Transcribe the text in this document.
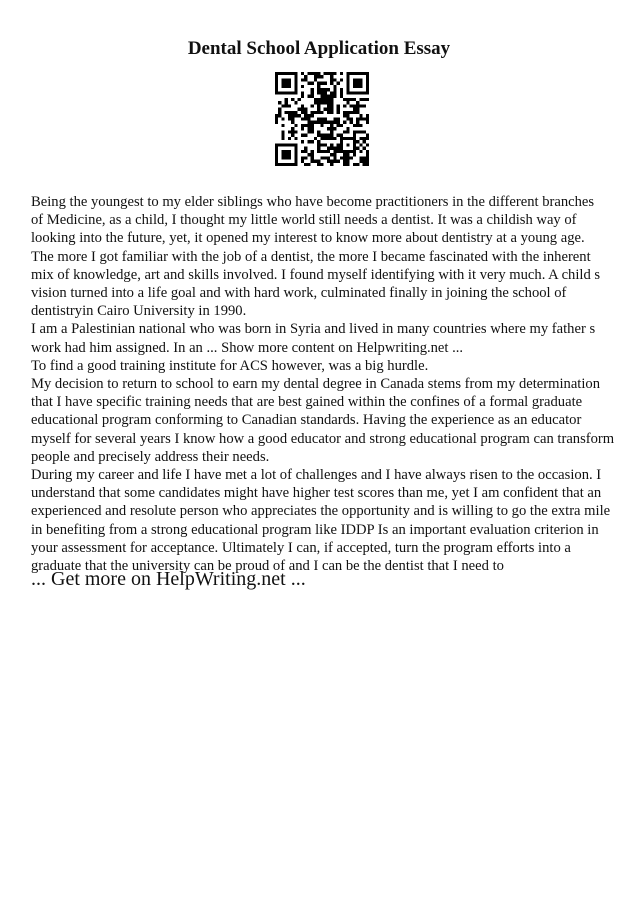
Dental School Application Essay
Being the youngest to my elder siblings who have become practitioners in the different branches
of Medicine, as a child, I thought my little world still needs a dentist. It was a childish way of
looking into the future, yet, it opened my interest to know more about dentistry at a young age.
The more I got familiar with the job of a dentist, the more I became fascinated with the inherent
mix of knowledge, art and skills involved. I found myself identifying with it very much. A child s
vision turned into a life goal and with hard work, culminated finally in joining the school of
dentistryin Cairo University in 1990.
I am a Palestinian national who was born in Syria and lived in many countries where my father s
work had him assigned. In an ... Show more content on Helpwriting.net ...
To find a good training institute for ACS however, was a big hurdle.
My decision to return to school to earn my dental degree in Canada stems from my determination
that I have specific training needs that are best gained within the confines of a formal graduate
educational program conforming to Canadian standards. Having the experience as an educator
myself for several years I know how a good educator and strong educational program can transform
people and precisely address their needs.
During my career and life I have met a lot of challenges and I have always risen to the occasion. I
understand that some candidates might have higher test scores than me, yet I am confident that an
experienced and resolute person who appreciates the opportunity and is willing to go the extra mile
in benefiting from a strong educational program like IDDP Is an important evaluation criterion in
your assessment for acceptance. Ultimately I can, if accepted, turn the program efforts into a
graduate that the university can be proud of and I can be the dentist that I need to
... Get more on HelpWriting.net ...
